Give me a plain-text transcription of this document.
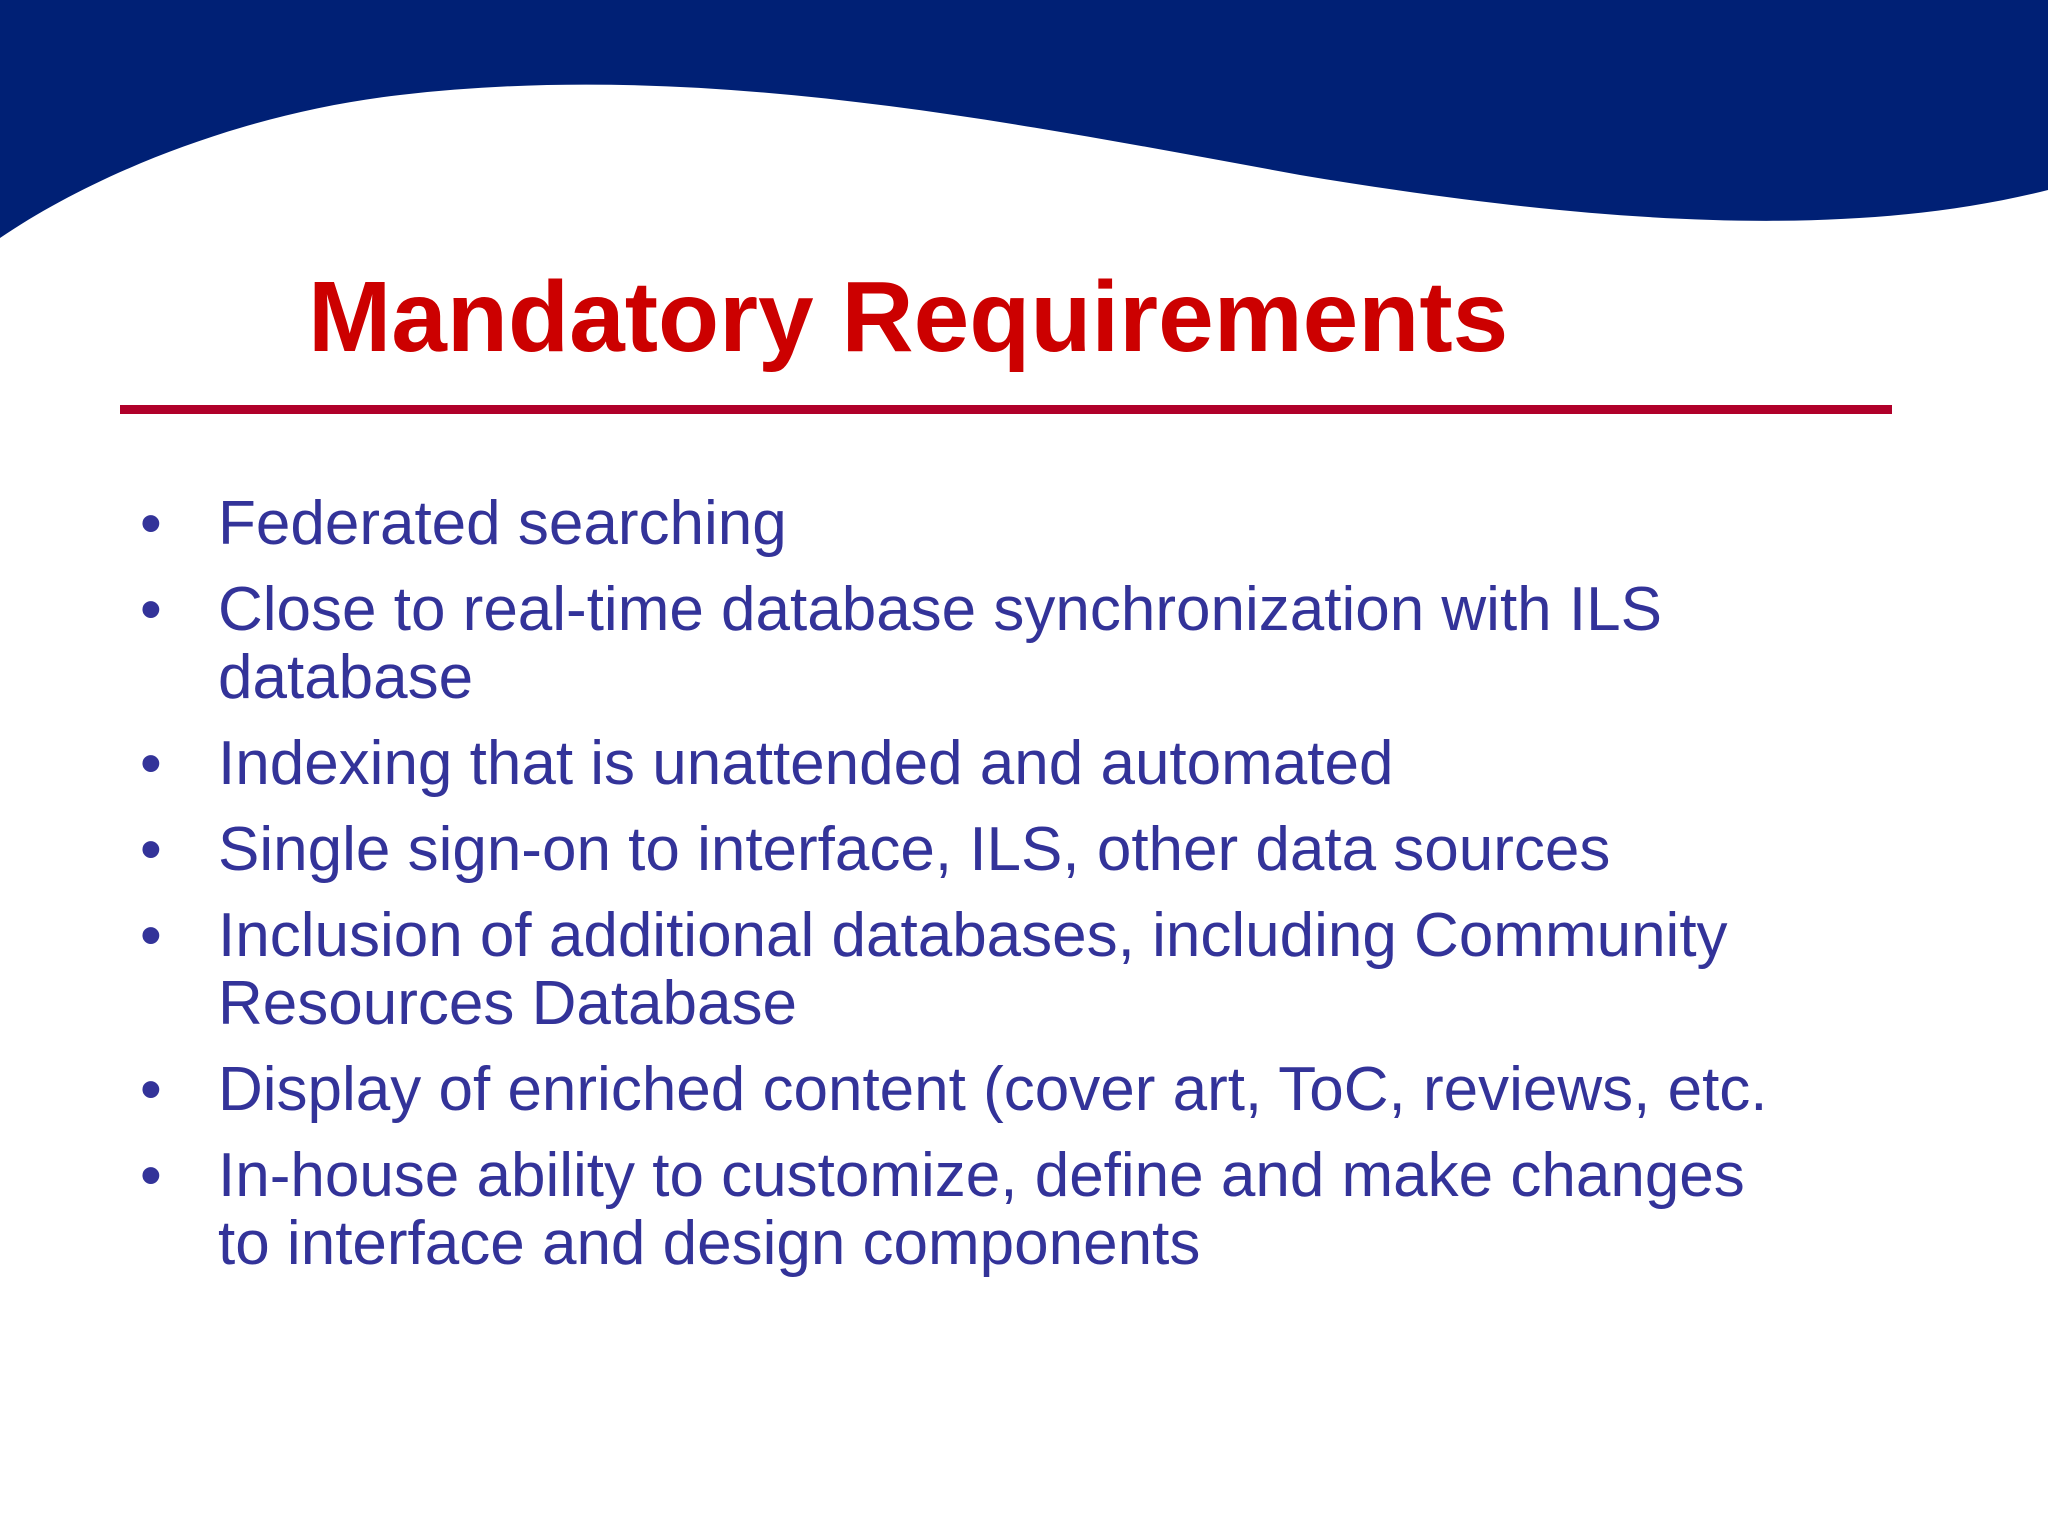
Mandatory Requirements
• Federated searching
• Close to real-time database synchronization with ILS
database
• Indexing that is unattended and automated
• Single sign-on to interface, ILS, other data sources
• Inclusion of additional databases, including Community
Resources Database
• Display of enriched content (cover art, ToC, reviews, etc.
• In-house ability to customize, define and make changes
to interface and design components
